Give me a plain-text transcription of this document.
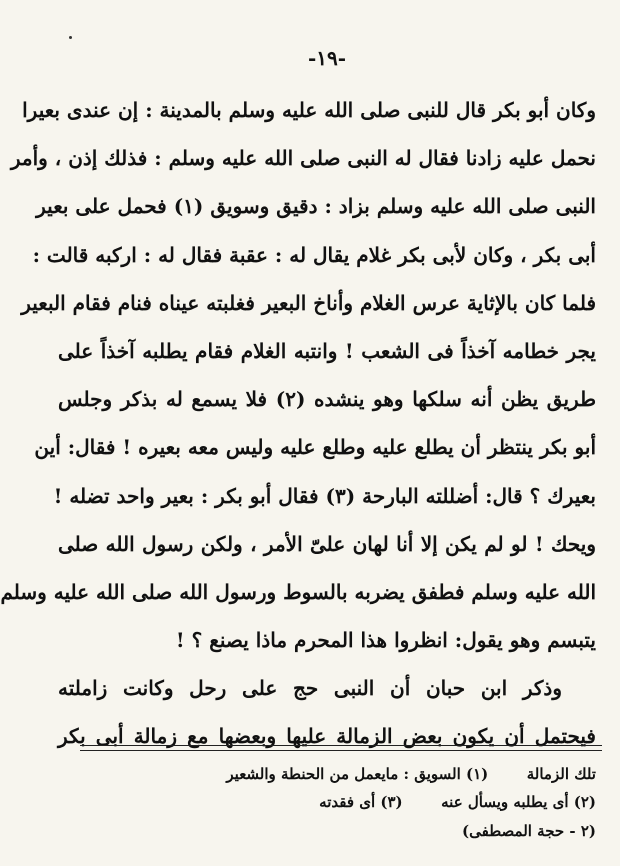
-١٩-
وكان أبو بكر قال للنبى صلى الله عليه وسلم بالمدينة : إن عندى بعيرا
نحمل عليه زادنا فقال له النبى صلى الله عليه وسلم : فذلك إذن ، وأمر
النبى صلى الله عليه وسلم بزاد : دقيق وسويق (١) فحمل على بعير
أبى بكر ، وكان لأبى بكر غلام يقال له : عقبة فقال له : اركبه قالت :
فلما كان بالإثاية عرس الغلام وأناخ البعير فغلبته عيناه فنام فقام البعير
يجر خطامه آخذاً فى الشعب ! وانتبه الغلام فقام يطلبه آخذاً على
طريق يظن أنه سلكها وهو ينشده (٢) فلا يسمع له بذكر وجلس
أبو بكر ينتظر أن يطلع عليه وطلع عليه وليس معه بعيره ! فقال: أين
بعيرك ؟ قال: أضللته البارحة (٣) فقال أبو بكر : بعير واحد تضله !
ويحك ! لو لم يكن إلا أنا لهان علىّ الأمر ، ولكن رسول الله صلى
الله عليه وسلم فطفق يضربه بالسوط ورسول الله صلى الله عليه وسلم
يتبسم وهو يقول: انظروا هذا المحرم ماذا يصنع ؟ !
وذكر ابن حبان أن النبى حج على رحل وكانت زاملته
فيحتمل أن يكون بعض الزمالة عليها وبعضها مع زمالة أبى بكر
تلك الزمالة  (١) السويق : مايعمل من الحنطة والشعير
(٢) أى يطلبه ويسأل عنه  (٣) أى فقدته
(٢ - حجة المصطفى)
